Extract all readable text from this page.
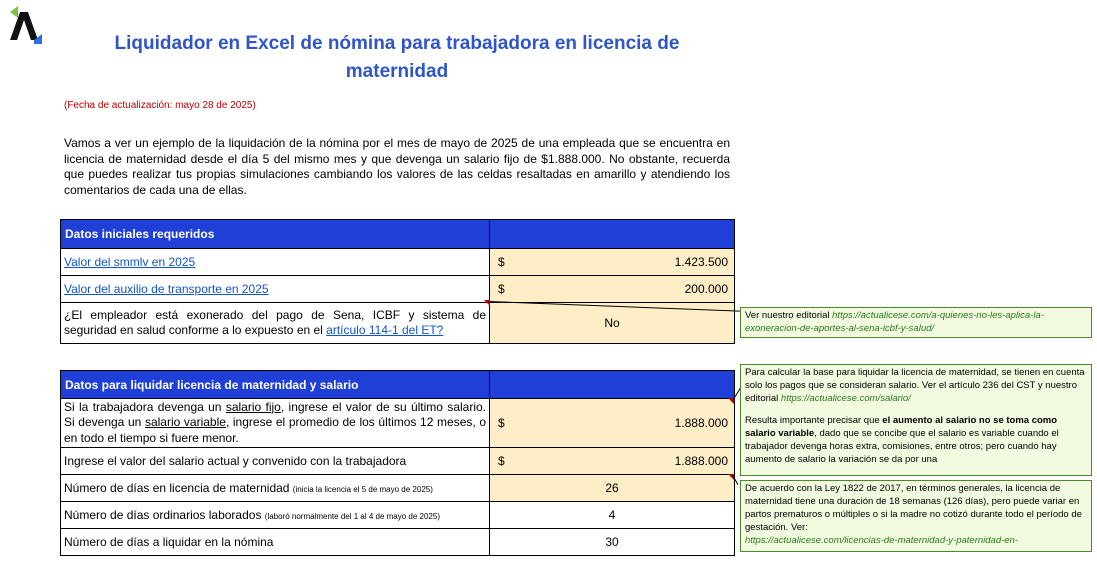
Liquidador en Excel de nómina para trabajadora en licencia de maternidad
(Fecha de actualización: mayo 28 de 2025)
Vamos a ver un ejemplo de la liquidación de la nómina por el mes de mayo de 2025 de una empleada que se encuentra en licencia de maternidad desde el día 5 del mismo mes y que devenga un salario fijo de $1.888.000. No obstante, recuerda que puedes realizar tus propias simulaciones cambiando los valores de las celdas resaltadas en amarillo y atendiendo los comentarios de cada una de ellas.
Datos iniciales requeridos	
Valor del smmlv en 2025	$ 1.423.500

Valor del auxilio de transporte en 2025	$ 200.000

¿El empleador está exonerado del pago de Sena, ICBF y sistema de seguridad en salud conforme a lo expuesto en el artículo 114-1 del ET?	No
Datos para liquidar licencia de maternidad y salario	
Si la trabajadora devenga un salario fijo, ingrese el valor de su último salario. Si devenga un salario variable, ingrese el promedio de los últimos 12 meses, o en todo el tiempo si fuere menor.	$ 1.888.000

Ingrese el valor del salario actual y convenido con la trabajadora	$ 1.888.000

Número de días en licencia de maternidad (inicia la licencia el 5 de mayo de 2025)	26
Número de días ordinarios laborados (laboró normalmente del 1 al 4 de mayo de 2025)	4
Número de días a liquidar en la nómina	30
Ver nuestro editorial https://actualicese.com/a-quienes-no-les-aplica-la-exoneracion-de-aportes-al-sena-icbf-y-salud/
Para calcular la base para liquidar la licencia de maternidad, se tienen en cuenta solo los pagos que se consideran salario. Ver el artículo 236 del CST y nuestro editorial https://actualicese.com/salario/
Resulta importante precisar que el aumento al salario no se toma como salario variable, dado que se concibe que el salario es variable cuando el trabajador devenga horas extra, comisiones, entre otros; pero cuando hay aumento de salario la variación se da por una
De acuerdo con la Ley 1822 de 2017, en términos generales, la licencia de maternidad tiene una duración de 18 semanas (126 días), pero puede variar en partos prematuros o múltiples o si la madre no cotizó durante todo el período de gestación. Ver:
https://actualicese.com/licencias-de-maternidad-y-paternidad-en-
